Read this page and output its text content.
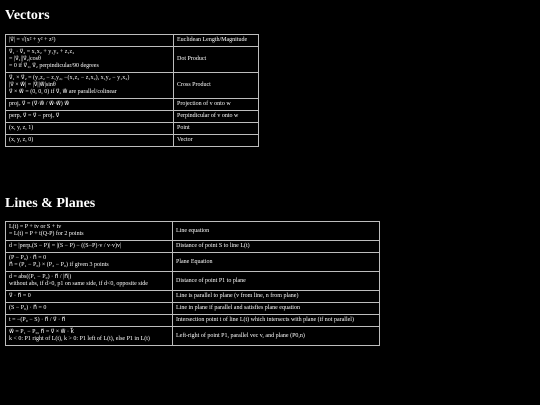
Vectors
|v⃗| = √(x² + y² + z²)	Euclidean Length/Magnitude

v⃗₁ · v⃗₂ = x₁x₂ + y₁y₂ + z₁z₂
= |v⃗₁||v⃗₂|cosθ
= 0 if v⃗₁, v⃗₂ perpindicular/90 degrees	Dot Product

v⃗₁ × v⃗₂ = (y₁z₂ − z₁y₂, −(x₁z₂ − z₁x₂), x₁y₂ − y₁x₂)
|v⃗ × w⃗| = |v⃗||w⃗|sinθ
v⃗ × w⃗ = (0, 0, 0) if v⃗, w⃗ are parallel/colinear	Cross Product

projᵥ v⃗ = (v⃗·w⃗ / w⃗·w⃗) w⃗	Projection of v onto w

perpᵥ v⃗ = v⃗ − projᵥ v⃗	Perpindicular of v onto w

(x, y, z, 1)	Point

(x, y, z, 0)	Vector
Lines & Planes
L(t) = P + tv or S + tv
= L(t) = P + t(Q-P) for 2 points	Line equation

d = |perpᵥ(S − P)| = |(S − P) − ((S−P)·v / v·v)v|	Distance of point S to line L(t)

(P − P₀) · n⃗ = 0
n⃗ = (P₁ − P₀) × (P₂ − P₀) if given 3 points	Plane Equation

d = abs((P₁ − P₀) · n⃗ / |n⃗|)
without abs, if d>0, p1 on same side, if d<0, opposite side	Distance of point P1 to plane

v⃗ · n⃗ = 0	Line is parallel to plane (v from line, n from plane)

(S − P₀) · n⃗ = 0	Line in plane if parallel and satisfies plane equation

t = −(P₀ − S) · n⃗ / v⃗ · n⃗	Intersection point t of line L(t) which intersects with plane (if not parallel)

w⃗ = P₁ − P₀, n⃗ = v⃗ × w⃗ · k⃗
k < 0: P1 right of L(t), k > 0: P1 left of L(t), else P1 in L(t)	Left-right of point P1, parallel vec v, and plane (P0,n)
